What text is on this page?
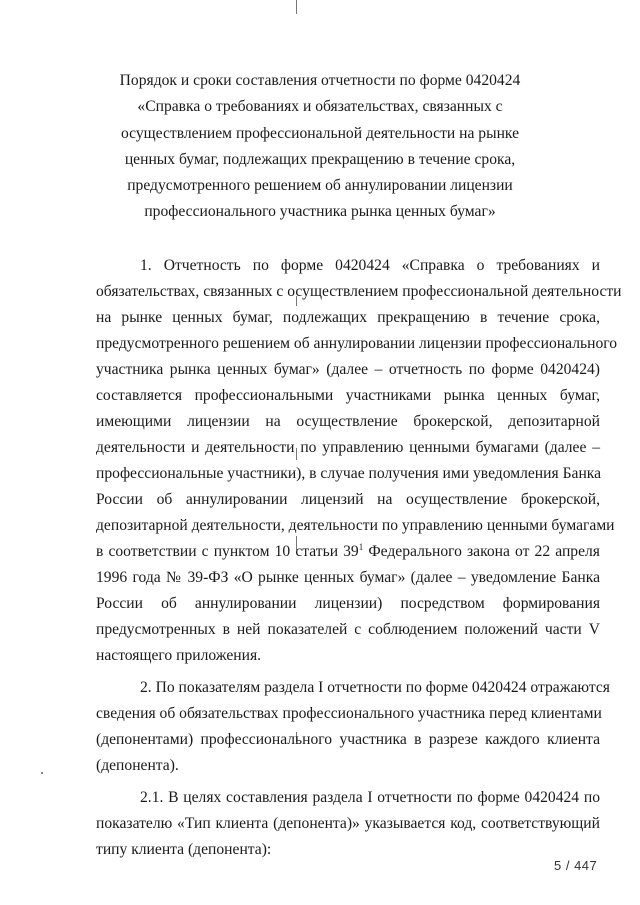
Порядок и сроки составления отчетности по форме 0420424
«Справка о требованиях и обязательствах, связанных с
осуществлением профессиональной деятельности на рынке
ценных бумаг, подлежащих прекращению в течение срока,
предусмотренного решением об аннулировании лицензии
профессионального участника рынка ценных бумаг»
1. Отчетность по форме 0420424 «Справка о требованиях и
обязательствах, связанных с осуществлением профессиональной деятельности
на рынке ценных бумаг, подлежащих прекращению в течение срока,
предусмотренного решением об аннулировании лицензии профессионального
участника рынка ценных бумаг» (далее – отчетность по форме 0420424)
составляется профессиональными участниками рынка ценных бумаг,
имеющими лицензии на осуществление брокерской, депозитарной
деятельности и деятельности по управлению ценными бумагами (далее –
профессиональные участники), в случае получения ими уведомления Банка
России об аннулировании лицензий на осуществление брокерской,
депозитарной деятельности, деятельности по управлению ценными бумагами
в соответствии с пунктом 10 статьи $39^1$ Федерального закона от 22 апреля
1996 года № 39-ФЗ «О рынке ценных бумаг» (далее – уведомление Банка
России об аннулировании лицензии) посредством формирования
предусмотренных в ней показателей с соблюдением положений части V
настоящего приложения.
2. По показателям раздела I отчетности по форме 0420424 отражаются
сведения об обязательствах профессионального участника перед клиентами
(депонентами) профессионального участника в разрезе каждого клиента
(депонента).
2.1. В целях составления раздела I отчетности по форме 0420424 по
показателю «Тип клиента (депонента)» указывается код, соответствующий
типу клиента (депонента):
5 / 447
